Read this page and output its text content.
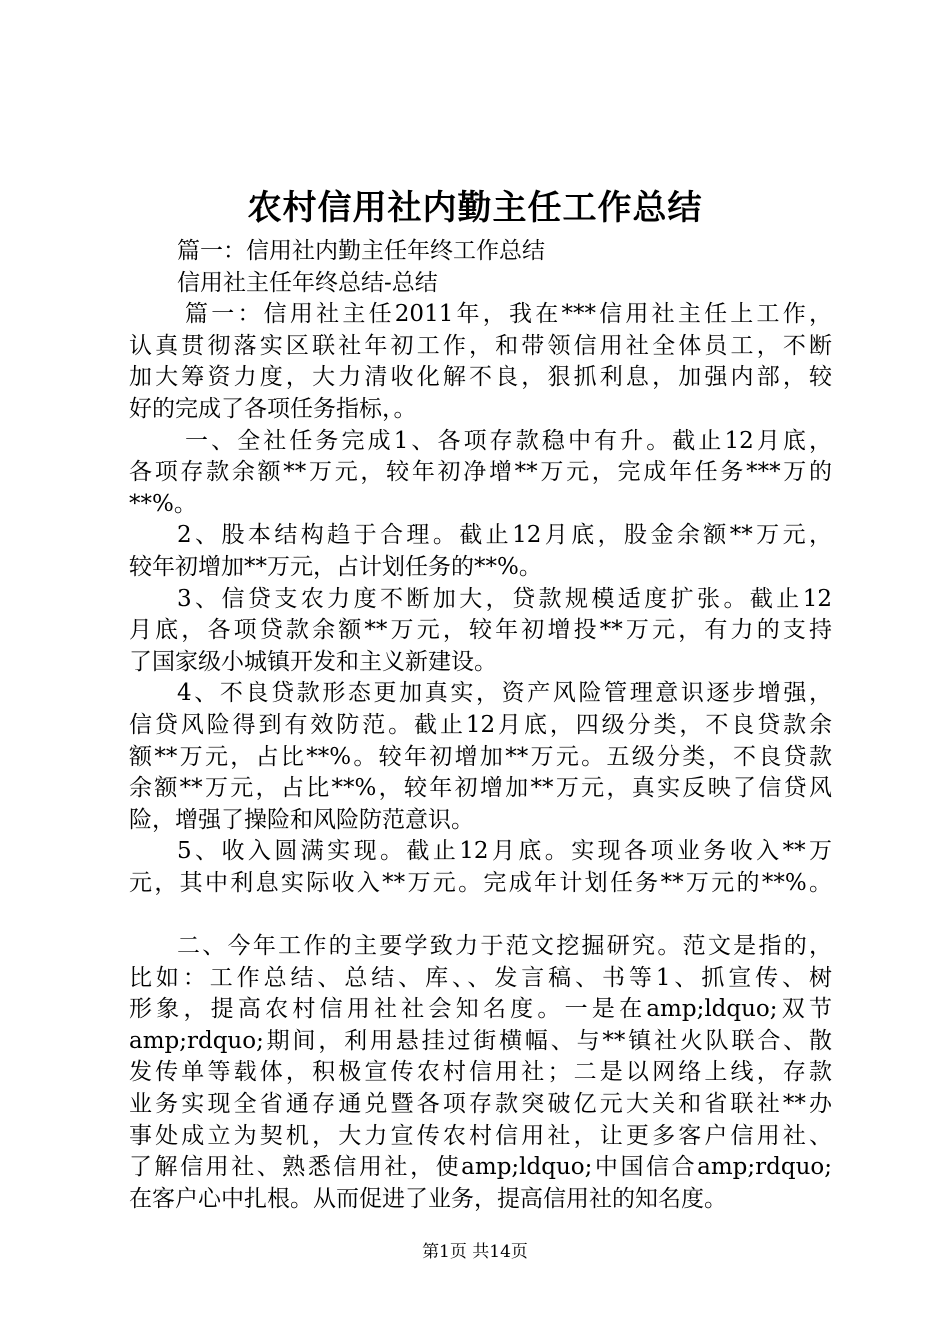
农村信用社内勤主任工作总结
篇一：信用社内勤主任年终工作总结
信用社主任年终总结-总结
篇一：信用社主任2011年，我在***信用社主任上工作，
认真贯彻落实区联社年初工作，和带领信用社全体员工，不断
加大筹资力度，大力清收化解不良，狠抓利息，加强内部，较
好的完成了各项任务指标，。
一、全社任务完成1、各项存款稳中有升。截止12月底，
各项存款余额**万元，较年初净增**万元，完成年任务***万的
**%。
2、股本结构趋于合理。截止12月底，股金余额**万元，
较年初增加**万元，占计划任务的**%。
3、信贷支农力度不断加大，贷款规模适度扩张。截止12
月底，各项贷款余额**万元，较年初增投**万元，有力的支持
了国家级小城镇开发和主义新建设。
4、不良贷款形态更加真实，资产风险管理意识逐步增强，
信贷风险得到有效防范。截止12月底，四级分类，不良贷款余
额**万元，占比**%。较年初增加**万元。五级分类，不良贷款
余额**万元，占比**%，较年初增加**万元，真实反映了信贷风
险，增强了操险和风险防范意识。
5、收入圆满实现。截止12月底。实现各项业务收入**万
元，其中利息实际收入**万元。完成年计划任务**万元的**%。
二、今年工作的主要学致力于范文挖掘研究。范文是指的，
比如：工作总结、总结、库、、发言稿、书等1、抓宣传、树
形象，提高农村信用社社会知名度。一是在amp;ldquo;双节
amp;rdquo;期间，利用悬挂过街横幅、与**镇社火队联合、散
发传单等载体，积极宣传农村信用社；二是以网络上线，存款
业务实现全省通存通兑暨各项存款突破亿元大关和省联社**办
事处成立为契机，大力宣传农村信用社，让更多客户信用社、
了解信用社、熟悉信用社，使amp;ldquo;中国信合amp;rdquo;
在客户心中扎根。从而促进了业务，提高信用社的知名度。
第1页 共14页
